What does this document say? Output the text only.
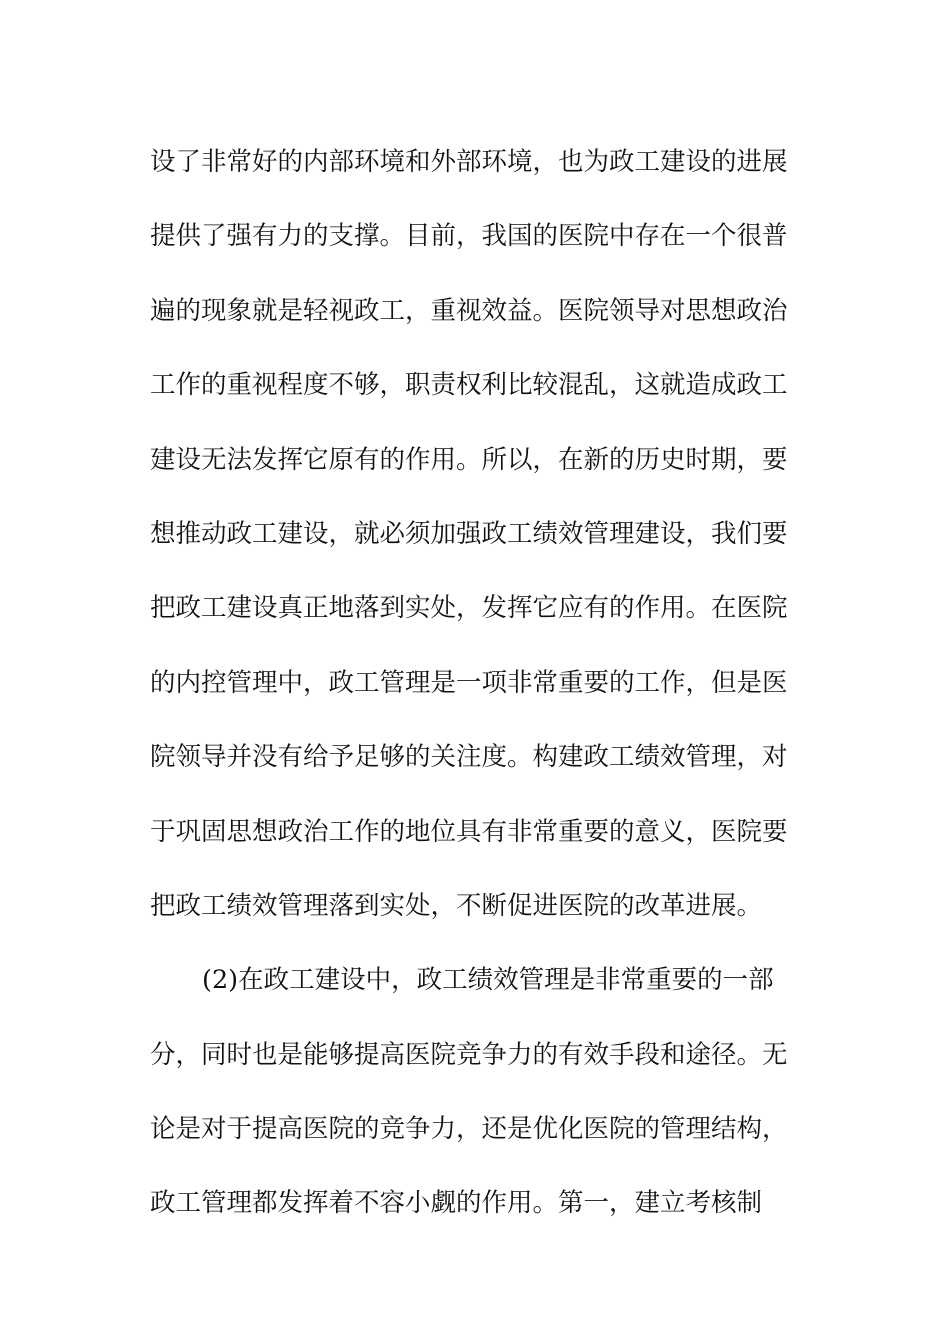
设了非常好的内部环境和外部环境，也为政工建设的进展
提供了强有力的支撑。目前，我国的医院中存在一个很普
遍的现象就是轻视政工，重视效益。医院领导对思想政治
工作的重视程度不够，职责权利比较混乱，这就造成政工
建设无法发挥它原有的作用。所以，在新的历史时期，要
想推动政工建设，就必须加强政工绩效管理建设，我们要
把政工建设真正地落到实处，发挥它应有的作用。在医院
的内控管理中，政工管理是一项非常重要的工作，但是医
院领导并没有给予足够的关注度。构建政工绩效管理，对
于巩固思想政治工作的地位具有非常重要的意义，医院要
把政工绩效管理落到实处，不断促进医院的改革进展。
(2)在政工建设中，政工绩效管理是非常重要的一部
分，同时也是能够提高医院竞争力的有效手段和途径。无
论是对于提高医院的竞争力，还是优化医院的管理结构，
政工管理都发挥着不容小觑的作用。第一，建立考核制
